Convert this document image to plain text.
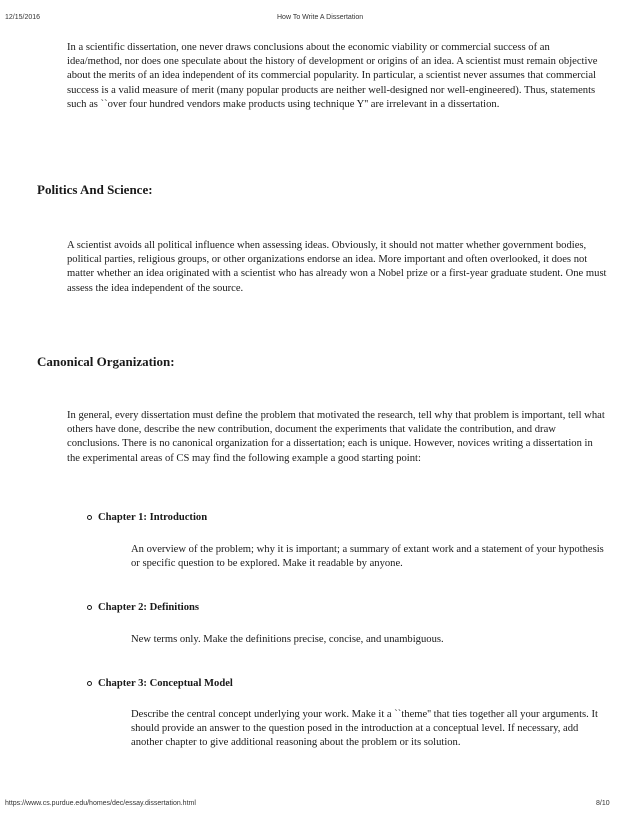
12/15/2016	How To Write A Dissertation

In a scientific dissertation, one never draws conclusions about the economic viability or commercial success of an idea/method, nor does one speculate about the history of development or origins of an idea. A scientist must remain objective about the merits of an idea independent of its commercial popularity. In particular, a scientist never assumes that commercial success is a valid measure of merit (many popular products are neither well-designed nor well-engineered). Thus, statements such as ``over four hundred vendors make products using technique Y'' are irrelevant in a dissertation.

Politics And Science:

A scientist avoids all political influence when assessing ideas. Obviously, it should not matter whether government bodies, political parties, religious groups, or other organizations endorse an idea. More important and often overlooked, it does not matter whether an idea originated with a scientist who has already won a Nobel prize or a first-year graduate student. One must assess the idea independent of the source.

Canonical Organization:

In general, every dissertation must define the problem that motivated the research, tell why that problem is important, tell what others have done, describe the new contribution, document the experiments that validate the contribution, and draw conclusions. There is no canonical organization for a dissertation; each is unique. However, novices writing a dissertation in the experimental areas of CS may find the following example a good starting point:

Chapter 1: Introduction

An overview of the problem; why it is important; a summary of extant work and a statement of your hypothesis or specific question to be explored. Make it readable by anyone.

Chapter 2: Definitions

New terms only. Make the definitions precise, concise, and unambiguous.

Chapter 3: Conceptual Model

Describe the central concept underlying your work. Make it a ``theme'' that ties together all your arguments. It should provide an answer to the question posed in the introduction at a conceptual level. If necessary, add another chapter to give additional reasoning about the problem or its solution.

https://www.cs.purdue.edu/homes/dec/essay.dissertation.html	8/10
